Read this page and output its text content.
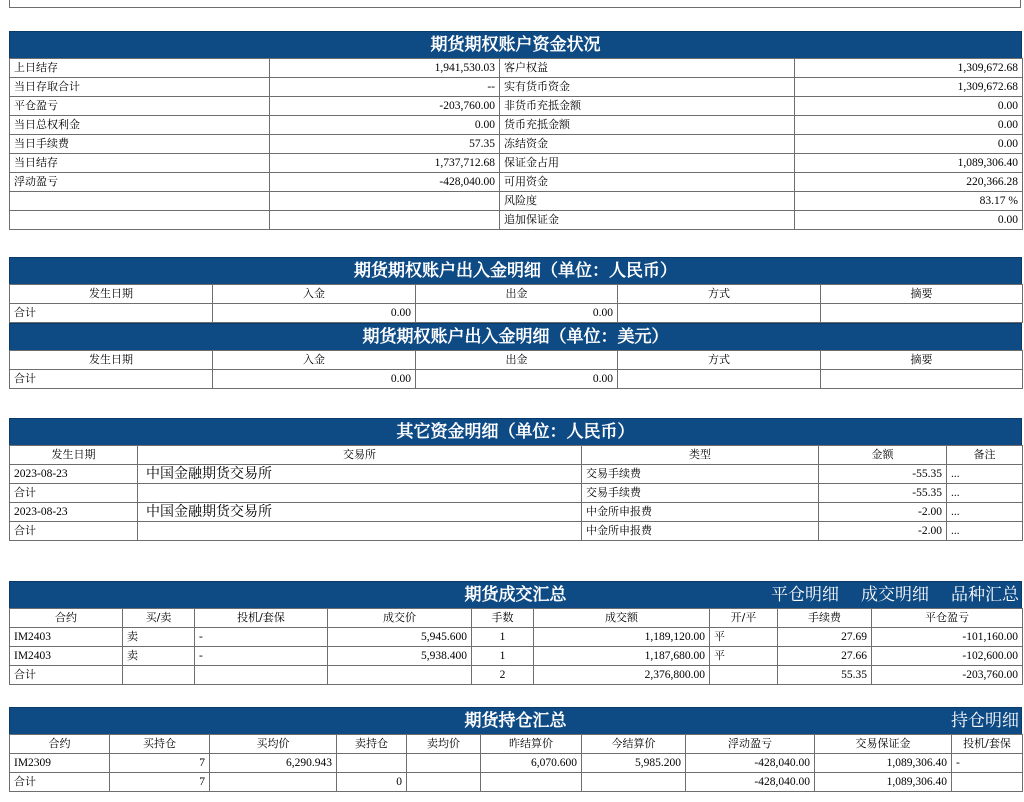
期货期权账户资金状况
上日结存	1,941,530.03	客户权益	1,309,672.68
当日存取合计	--	实有货币资金	1,309,672.68
平仓盈亏	-203,760.00	非货币充抵金额	0.00
当日总权利金	0.00	货币充抵金额	0.00
当日手续费	57.35	冻结资金	0.00
当日结存	1,737,712.68	保证金占用	1,089,306.40
浮动盈亏	-428,040.00	可用资金	220,366.28
		风险度	83.17 %
		追加保证金	0.00
期货期权账户出入金明细（单位：人民币）
发生日期	入金	出金	方式	摘要
合计	0.00	0.00		
期货期权账户出入金明细（单位：美元）
发生日期	入金	出金	方式	摘要
合计	0.00	0.00		
其它资金明细（单位：人民币）
发生日期	交易所	类型	金额	备注
2023-08-23	中国金融期货交易所	交易手续费	-55.35	...
合计		交易手续费	-55.35	...
2023-08-23	中国金融期货交易所	中金所申报费	-2.00	...
合计		中金所申报费	-2.00	...
期货成交汇总	平仓明细 成交明细 品种汇总
合约	买/卖	投机/套保	成交价	手数	成交额	开/平	手续费	平仓盈亏
IM2403	卖	-	5,945.600	1	1,189,120.00	平	27.69	-101,160.00
IM2403	卖	-	5,938.400	1	1,187,680.00	平	27.66	-102,600.00
合计				2	2,376,800.00		55.35	-203,760.00
期货持仓汇总	持仓明细
合约	买持仓	买均价	卖持仓	卖均价	昨结算价	今结算价	浮动盈亏	交易保证金	投机/套保
IM2309	7	6,290.943			6,070.600	5,985.200	-428,040.00	1,089,306.40	-
合计	7		0				-428,040.00	1,089,306.40	
